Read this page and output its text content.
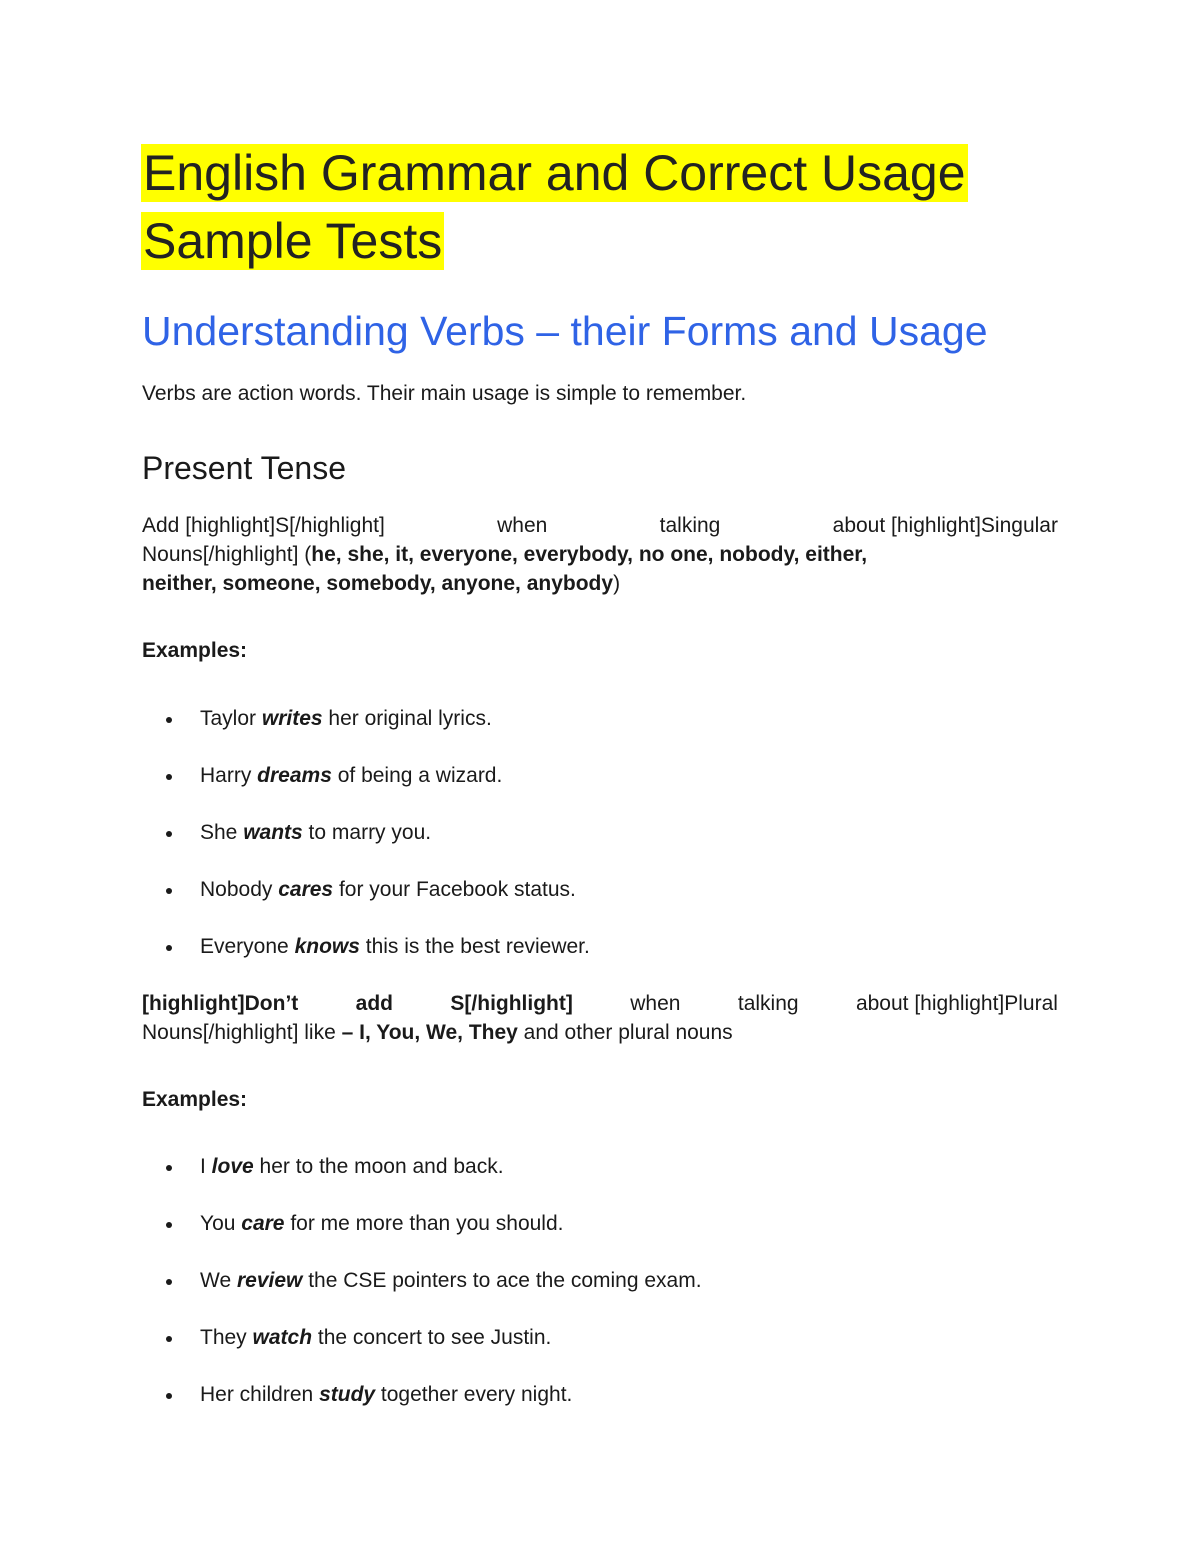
English Grammar and Correct Usage
Sample Tests
Understanding Verbs – their Forms and Usage
Verbs are action words. Their main usage is simple to remember.
Present Tense
Add [highlight]S[/highlight]	when	talking	about [highlight]Singular
Nouns[/highlight] (he, she, it, everyone, everybody, no one, nobody, either,
neither, someone, somebody, anyone, anybody)
Examples:
Taylor writes her original lyrics.
Harry dreams of being a wizard.
She wants to marry you.
Nobody cares for your Facebook status.
Everyone knows this is the best reviewer.
[highlight]Don’t	add	S[/highlight]	when	talking	about [highlight]Plural
Nouns[/highlight] like – I, You, We, They and other plural nouns
Examples:
I love her to the moon and back.
You care for me more than you should.
We review the CSE pointers to ace the coming exam.
They watch the concert to see Justin.
Her children study together every night.
